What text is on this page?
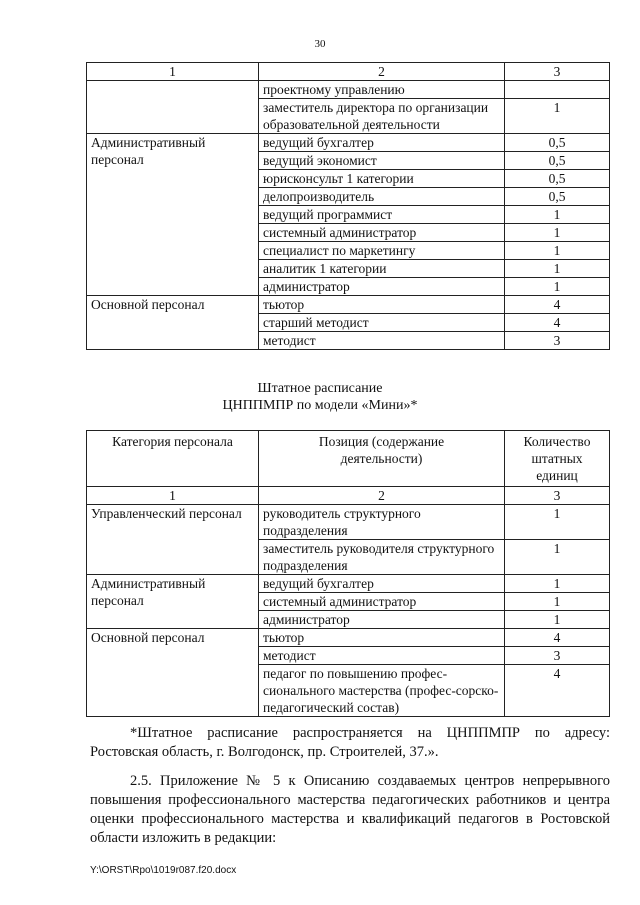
30
1	2	3
	проектному управлению	
	заместитель директора по организации образовательной деятельности	1
Административный персонал	ведущий бухгалтер	0,5
	ведущий экономист	0,5
	юрисконсульт 1 категории	0,5
	делопроизводитель	0,5
	ведущий программист	1
	системный администратор	1
	специалист по маркетингу	1
	аналитик 1 категории	1
	администратор	1
Основной персонал	тьютор	4
	старший методист	4
	методист	3
Штатное расписание
ЦНППМПР по модели «Мини»*
Категория персонала	Позиция (содержание деятельности)	Количество штатных единиц
1	2	3
Управленческий персонал	руководитель структурного подразделения	1
	заместитель руководителя структурного подразделения	1
Административный персонал	ведущий бухгалтер	1
	системный администратор	1
	администратор	1
Основной персонал	тьютор	4
	методист	3
	педагог по повышению профес-сионального мастерства (профес-сорско-педагогический состав)	4
*Штатное расписание распространяется на ЦНППМПР по адресу: Ростовская область, г. Волгодонск, пр. Строителей, 37.».
2.5. Приложение № 5 к Описанию создаваемых центров непрерывного повышения профессионального мастерства педагогических работников и центра оценки профессионального мастерства и квалификаций педагогов в Ростовской области изложить в редакции:
Y:\ORST\Rpo\1019r087.f20.docx
